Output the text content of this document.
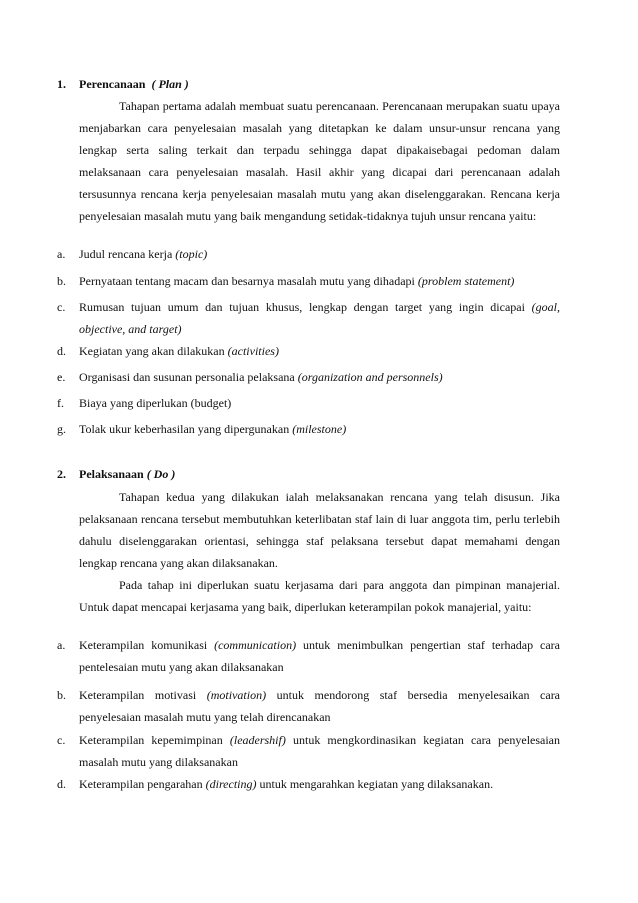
1. Perencanaan ( Plan )

Tahapan pertama adalah membuat suatu perencanaan. Perencanaan merupakan suatu upaya menjabarkan cara penyelesaian masalah yang ditetapkan ke dalam unsur-unsur rencana yang lengkap serta saling terkait dan terpadu sehingga dapat dipakaisebagai pedoman dalam melaksanaan cara penyelesaian masalah. Hasil akhir yang dicapai dari perencanaan adalah tersusunnya rencana kerja penyelesaian masalah mutu yang akan diselenggarakan. Rencana kerja penyelesaian masalah mutu yang baik mengandung setidak-tidaknya tujuh unsur rencana yaitu:

a. Judul rencana kerja (topic)
b. Pernyataan tentang macam dan besarnya masalah mutu yang dihadapi (problem statement)
c. Rumusan tujuan umum dan tujuan khusus, lengkap dengan target yang ingin dicapai (goal, objective, and target)
d. Kegiatan yang akan dilakukan (activities)
e. Organisasi dan susunan personalia pelaksana (organization and personnels)
f. Biaya yang diperlukan (budget)
g. Tolak ukur keberhasilan yang dipergunakan (milestone)
2. Pelaksanaan ( Do )

Tahapan kedua yang dilakukan ialah melaksanakan rencana yang telah disusun. Jika pelaksanaan rencana tersebut membutuhkan keterlibatan staf lain di luar anggota tim, perlu terlebih dahulu diselenggarakan orientasi, sehingga staf pelaksana tersebut dapat memahami dengan lengkap rencana yang akan dilaksanakan.

Pada tahap ini diperlukan suatu kerjasama dari para anggota dan pimpinan manajerial. Untuk dapat mencapai kerjasama yang baik, diperlukan keterampilan pokok manajerial, yaitu:

a. Keterampilan komunikasi (communication) untuk menimbulkan pengertian staf terhadap cara pentelesaian mutu yang akan dilaksanakan
b. Keterampilan motivasi (motivation) untuk mendorong staf bersedia menyelesaikan cara penyelesaian masalah mutu yang telah direncanakan
c. Keterampilan kepemimpinan (leadershif) untuk mengkordinasikan kegiatan cara penyelesaian masalah mutu yang dilaksanakan
d. Keterampilan pengarahan (directing) untuk mengarahkan kegiatan yang dilaksanakan.
